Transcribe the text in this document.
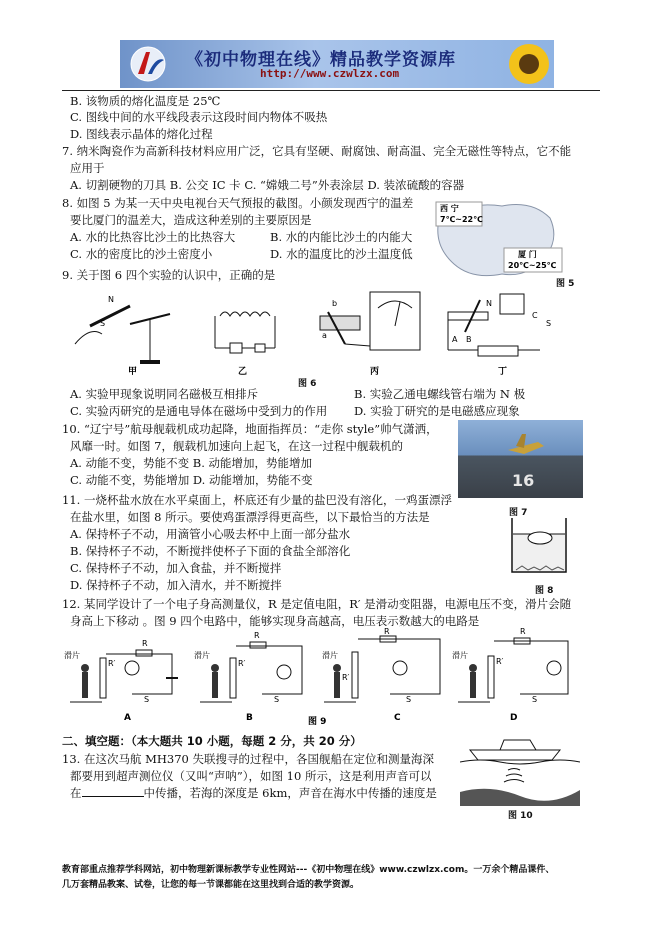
《初中物理在线》精品教学资源库
http://www.czwlzx.com
B. 该物质的熔化温度是 25℃
C. 图线中间的水平线段表示这段时间内物体不吸热
D. 图线表示晶体的熔化过程
7. 纳米陶瓷作为高新科技材料应用广泛，它具有坚硬、耐腐蚀、耐高温、完全无磁性等特点，它不能
应用于
A. 切割硬物的刀具 B. 公交 IC 卡 C. “嫦娥二号”外表涂层 D. 装浓硫酸的容器
8. 如图 5 为某一天中央电视台天气预报的截图。小颜发现西宁的温差
要比厦门的温差大，造成这种差别的主要原因是
A. 水的比热容比沙土的比热容大	B. 水的内能比沙土的内能大
C. 水的密度比的沙土密度小	D. 水的温度比的沙土温度低
9. 关于图 6 四个实验的认识中，正确的是
西 宁
7℃~22℃
厦 门
20℃~25℃
图 5
N
S
b
a
N
A B
C
S
甲	乙	丙	丁
图 6
A. 实验甲现象说明同名磁极互相排斥	B. 实验乙通电螺线管右端为 N 极
C. 实验丙研究的是通电导体在磁场中受到力的作用 D. 实验丁研究的是电磁感应现象
10. “辽宁号”航母舰载机成功起降，地面指挥员：“走你 style”帅气潇洒，
风靡一时。如图 7，舰载机加速向上起飞，在这一过程中舰载机的
A. 动能不变，势能不变 B. 动能增加，势能增加
C. 动能不变，势能增加 D. 动能增加，势能不变	16
图 7
11. 一烧杯盐水放在水平桌面上，杯底还有少量的盐巴没有溶化，一鸡蛋漂浮
在盐水里，如图 8 所示。要使鸡蛋漂浮得更高些，以下最恰当的方法是
A. 保持杯子不动，用滴管小心吸去杯中上面一部分盐水
B. 保持杯子不动，不断搅拌使杯子下面的食盐全部溶化
C. 保持杯子不动，加入食盐，并不断搅拌
D. 保持杯子不动，加入清水，并不断搅拌	图 8
12. 某同学设计了一个电子身高测量仪，R 是定值电阻，R′ 是滑动变阻器，电源电压不变，滑片会随
身高上下移动 。图 9 四个电路中，能够实现身高越高，电压表示数越大的电路是
滑片
R′
R
S
A
滑片
R′
R
S
B
滑片
R′
R
S
C
滑片
R′
R
S
D
图 9
二、填空题：（本大题共 10 小题，每题 2 分，共 20 分）
13. 在这次马航 MH370 失联搜寻的过程中，各国舰船在定位和测量海深
都要用到超声测位仪（又叫“声呐”），如图 10 所示，这是利用声音可以
在	中传播，若海的深度是 6km，声音在海水中传播的速度是
图 10
教育部重点推荐学科网站，初中物理新课标教学专业性网站---《初中物理在线》www.czwlzx.com。一万余个精品课件、
几万套精品教案、试卷，让您的每一节课都能在这里找到合适的教学资源。
